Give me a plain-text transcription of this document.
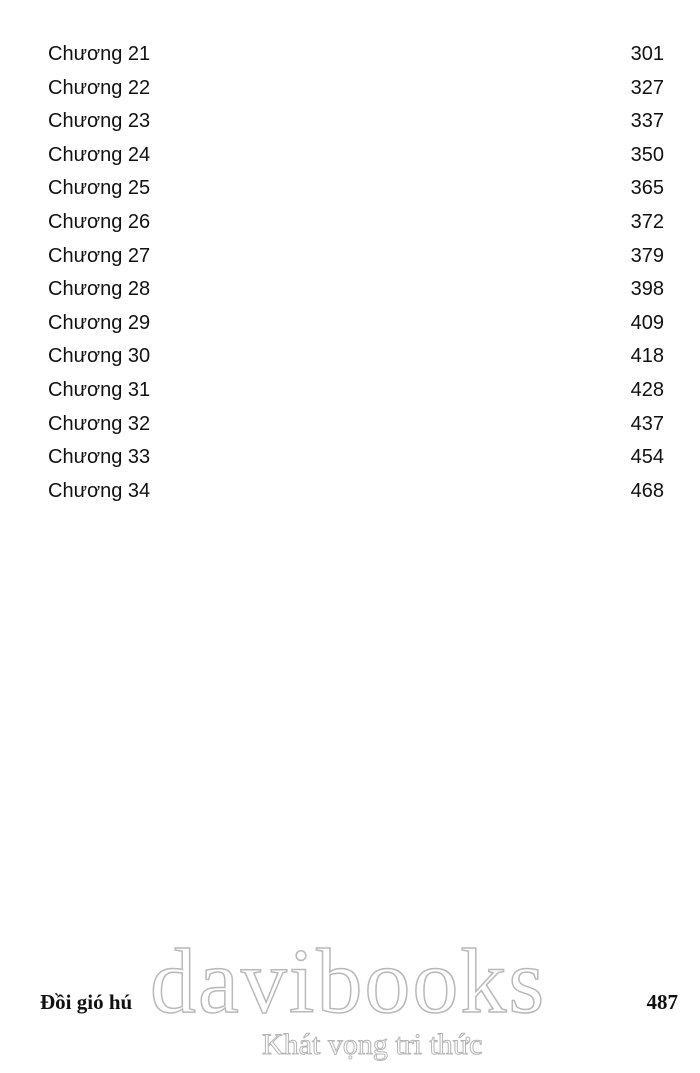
Chương 21	301
Chương 22	327
Chương 23	337
Chương 24	350
Chương 25	365
Chương 26	372
Chương 27	379
Chương 28	398
Chương 29	409
Chương 30	418
Chương 31	428
Chương 32	437
Chương 33	454
Chương 34	468
davibooks
Khát vọng tri thức
Đồi gió hú	487
